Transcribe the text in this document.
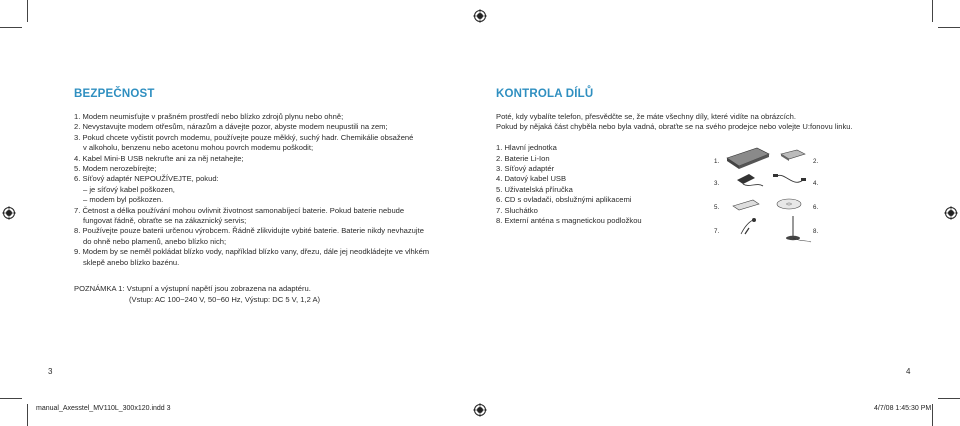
BEZPEČNOST
1. Modem neumisťujte v prašném prostředí nebo blízko zdrojů plynu nebo ohně;
2. Nevystavujte modem otřesům, nárazům a dávejte pozor, abyste modem neupustili na zem;
3. Pokud chcete vyčistit povrch modemu, používejte pouze měkký, suchý hadr. Chemikálie obsažené
v alkoholu, benzenu nebo acetonu mohou povrch modemu poškodit;
4. Kabel Mini-B USB nekruťte ani za něj netahejte;
5. Modem nerozebírejte;
6. Síťový adaptér NEPOUŽÍVEJTE, pokud:
– je síťový kabel poškozen,
– modem byl poškozen.
7. Četnost a délka používání mohou ovlivnit životnost samonabíjecí baterie. Pokud baterie nebude
fungovat řádně, obraťte se na zákaznický servis;
8. Používejte pouze baterii určenou výrobcem. Řádně zlikvidujte vybité baterie. Baterie nikdy nevhazujte
do ohně nebo plamenů, anebo blízko nich;
9. Modem by se neměl pokládat blízko vody, například blízko vany, dřezu, dále jej neodkládejte ve vlhkém
sklepě anebo blízko bazénu.
POZNÁMKA 1: Vstupní a výstupní napětí jsou zobrazena na adaptéru.
(Vstup: AC 100~240 V, 50~60 Hz, Výstup: DC 5 V, 1,2 A)
3
KONTROLA DÍLŮ
Poté, kdy vybalíte telefon, přesvědčte se, že máte všechny díly, které vidíte na obrázcích.
Pokud by nějaká část chyběla nebo byla vadná, obraťte se na svého prodejce nebo volejte U:fonovu linku.
1. Hlavní jednotka
2. Baterie Li-Ion
3. Síťový adaptér
4. Datový kabel USB
5. Uživatelská příručka
6. CD s ovladači, obslužnými aplikacemi
7. Sluchátko
8. Externí anténa s magnetickou podložkou
1.	2.
3.	4.
5.	6.
7.	8.
4
manual_Axesstel_MV110L_300x120.indd 3	4/7/08 1:45:30 PM
